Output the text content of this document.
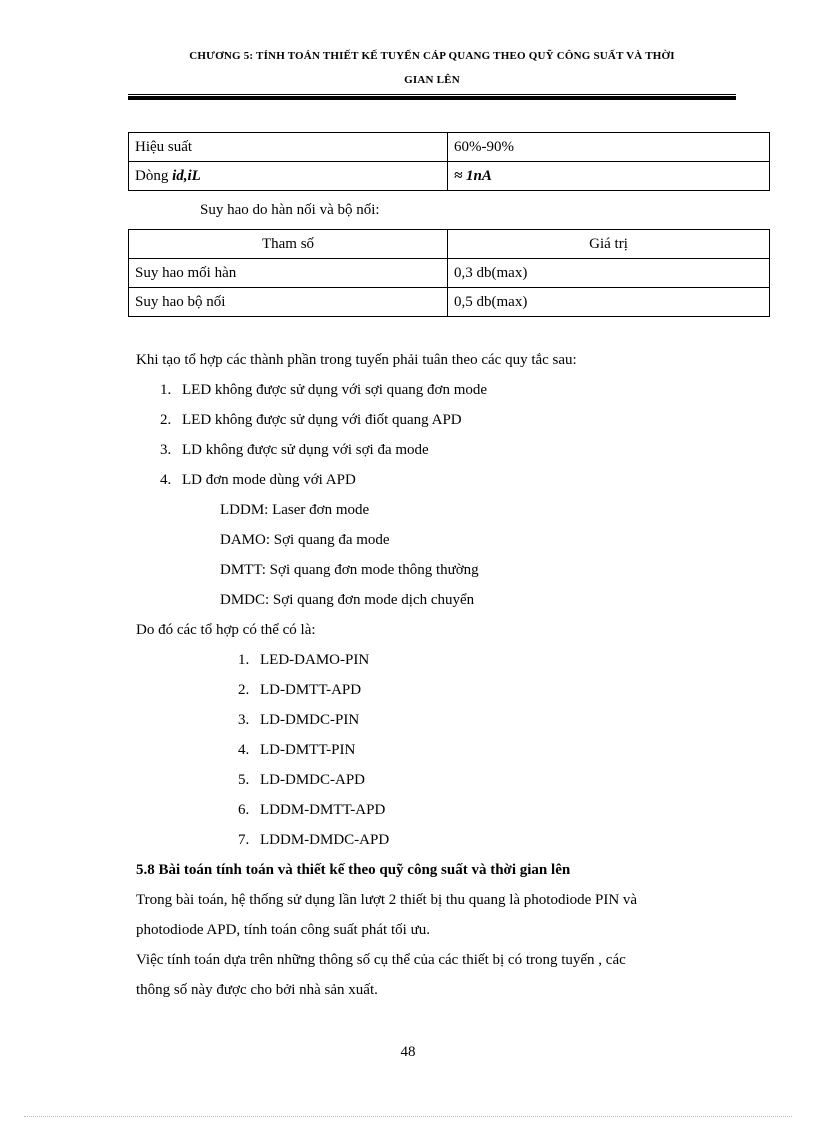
CHƯƠNG 5: TÍNH TOÁN THIẾT KẾ TUYẾN CÁP QUANG THEO QUỸ CÔNG SUẤT VÀ THỜI
GIAN LÊN
Hiệu suất	60%-90%
Dòng id,iL	≈ 1nA
Suy hao do hàn nối và bộ nối:
Tham số	Giá trị
Suy hao mối hàn	0,3 db(max)
Suy hao bộ nối	0,5 db(max)
Khi tạo tổ hợp các thành phần trong tuyến phải tuân theo các quy tắc sau:
1. LED không được sử dụng với sợi quang đơn mode
2. LED không được sử dụng với điốt quang APD
3. LD không được sử dụng với sợi đa mode
4. LD đơn mode dùng với APD
LDDM: Laser đơn mode
DAMO: Sợi quang đa mode
DMTT: Sợi quang đơn mode thông thường
DMDC: Sợi quang đơn mode dịch chuyển
Do đó các tổ hợp có thể có là:
1. LED-DAMO-PIN
2. LD-DMTT-APD
3. LD-DMDC-PIN
4. LD-DMTT-PIN
5. LD-DMDC-APD
6. LDDM-DMTT-APD
7. LDDM-DMDC-APD
5.8 Bài toán tính toán và thiết kế theo quỹ công suất và thời gian lên
Trong bài toán, hệ thống sử dụng lần lượt 2 thiết bị thu quang là photodiode PIN và
photodiode APD, tính toán công suất phát tối ưu.
Việc tính toán dựa trên những thông số cụ thể của các thiết bị có trong tuyến , các
thông số này được cho bởi nhà sản xuất.
48
